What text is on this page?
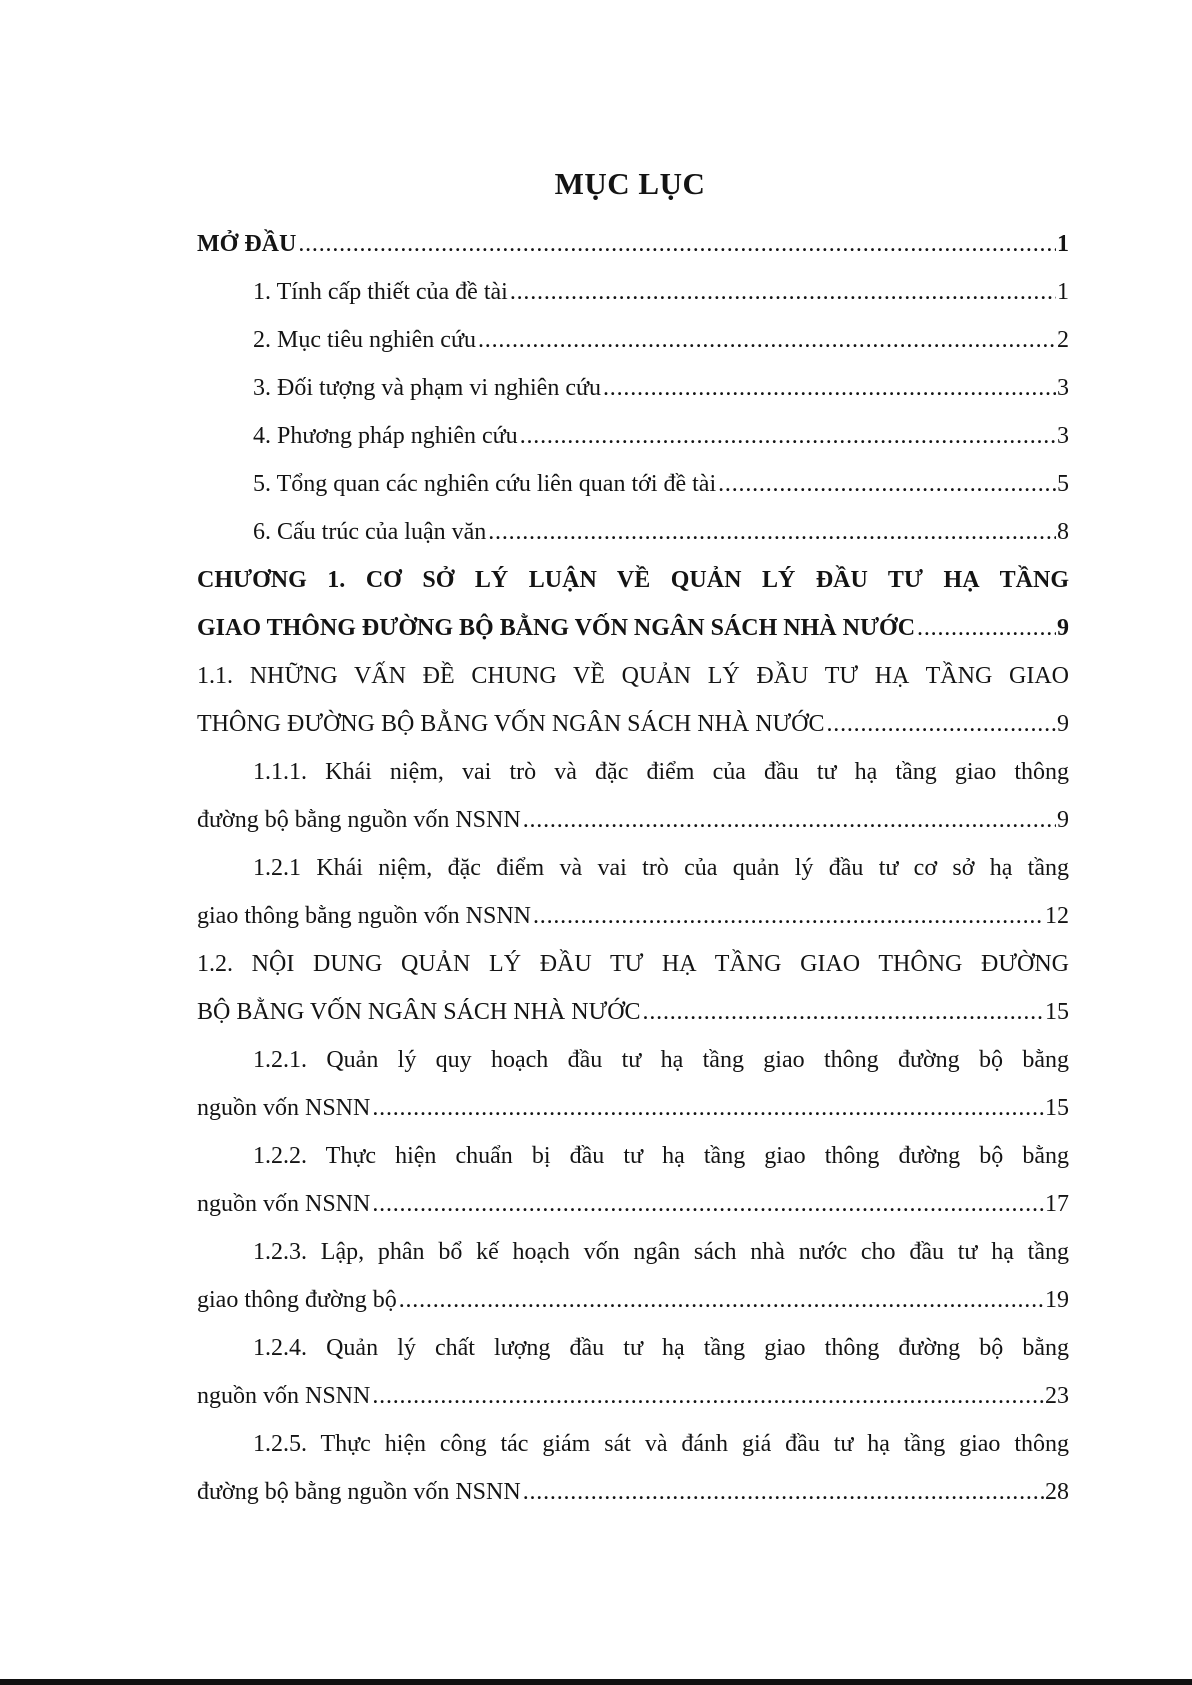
MỤC LỤC
MỞ ĐẦU . . .	1
1. Tính cấp thiết của đề tài . . .	1
2. Mục tiêu nghiên cứu . . .	2
3. Đối tượng và phạm vi nghiên cứu . . .	3
4. Phương pháp nghiên cứu . . .	3
5. Tổng quan các nghiên cứu liên quan tới đề tài . . .	5
6. Cấu trúc của luận văn . . .	8
CHƯƠNG 1. CƠ SỞ LÝ LUẬN VỀ QUẢN LÝ ĐẦU TƯ HẠ TẦNG
GIAO THÔNG ĐƯỜNG BỘ BẰNG VỐN NGÂN SÁCH NHÀ NƯỚC . . .	9
1.1. NHỮNG VẤN ĐỀ CHUNG VỀ QUẢN LÝ ĐẦU TƯ HẠ TẦNG GIAO
THÔNG ĐƯỜNG BỘ BẰNG VỐN NGÂN SÁCH NHÀ NƯỚC . . .	9
1.1.1. Khái niệm, vai trò và đặc điểm của đầu tư hạ tầng giao thông
đường bộ bằng nguồn vốn NSNN . . .	9
1.2.1 Khái niệm, đặc điểm và vai trò của quản lý đầu tư cơ sở hạ tầng
giao thông bằng nguồn vốn NSNN . . .	12
1.2. NỘI DUNG QUẢN LÝ ĐẦU TƯ HẠ TẦNG GIAO THÔNG ĐƯỜNG
BỘ BẰNG VỐN NGÂN SÁCH NHÀ NƯỚC . . .	15
1.2.1. Quản lý quy hoạch đầu tư hạ tầng giao thông đường bộ bằng
nguồn vốn NSNN . . .	15
1.2.2. Thực hiện chuẩn bị đầu tư hạ tầng giao thông đường bộ bằng
nguồn vốn NSNN . . .	17
1.2.3. Lập, phân bổ kế hoạch vốn ngân sách nhà nước cho đầu tư hạ tầng
giao thông đường bộ . . .	19
1.2.4. Quản lý chất lượng đầu tư hạ tầng giao thông đường bộ bằng
nguồn vốn NSNN . . .	23
1.2.5. Thực hiện công tác giám sát và đánh giá đầu tư hạ tầng giao thông
đường bộ bằng nguồn vốn NSNN . . .	28
